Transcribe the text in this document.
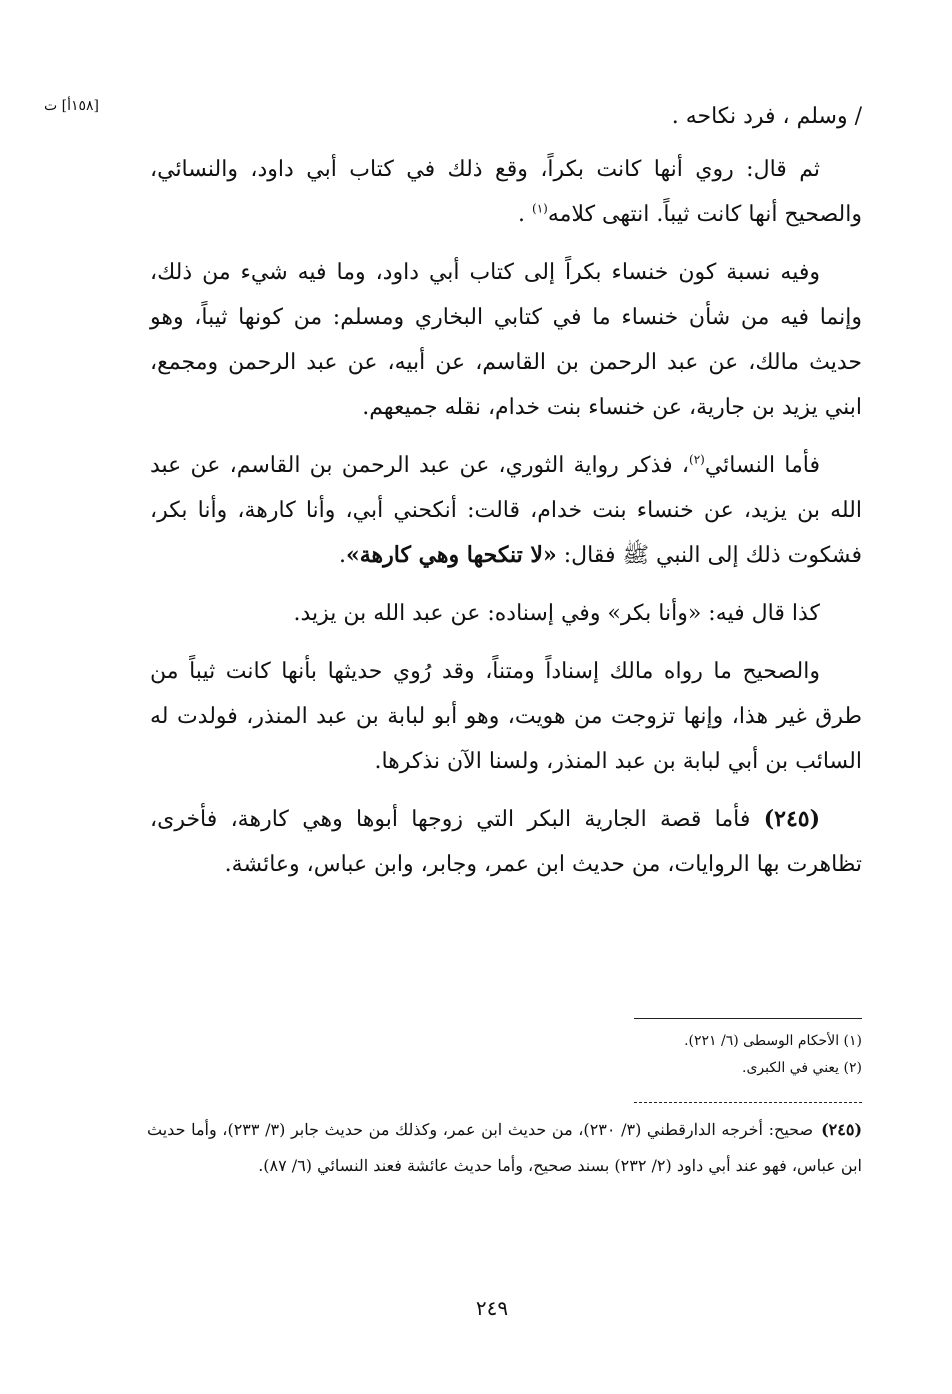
[١٥٨أ] ت	/ وسلم ، فرد نكاحه .

ثم قال: روي أنها كانت بكراً، وقع ذلك في كتاب أبي داود، والنسائي، والصحيح أنها كانت ثيباً. انتهى كلامه$^{(١)}$ .

وفيه نسبة كون خنساء بكراً إلى كتاب أبي داود، وما فيه شيء من ذلك، وإنما فيه من شأن خنساء ما في كتابي البخاري ومسلم: من كونها ثيباً، وهو حديث مالك، عن عبد الرحمن بن القاسم، عن أبيه، عن عبد الرحمن ومجمع، ابني يزيد بن جارية، عن خنساء بنت خدام، نقله جميعهم.

فأما النسائي$^{(٢)}$، فذكر رواية الثوري، عن عبد الرحمن بن القاسم، عن عبد الله بن يزيد، عن خنساء بنت خدام، قالت: أنكحني أبي، وأنا كارهة، وأنا بكر، فشكوت ذلك إلى النبي ﷺ فقال: «لا تنكحها وهي كارهة».

كذا قال فيه: «وأنا بكر» وفي إسناده: عن عبد الله بن يزيد.

والصحيح ما رواه مالك إسناداً ومتناً، وقد رُوي حديثها بأنها كانت ثيباً من طرق غير هذا، وإنها تزوجت من هويت، وهو أبو لبابة بن عبد المنذر، فولدت له السائب بن أبي لبابة بن عبد المنذر، ولسنا الآن نذكرها.

(٢٤٥) فأما قصة الجارية البكر التي زوجها أبوها وهي كارهة، فأخرى، تظاهرت بها الروايات، من حديث ابن عمر، وجابر، وابن عباس، وعائشة.

(١) الأحكام الوسطى (٦/ ٢٢١).

(٢) يعني في الكبرى.

(٢٤٥)صحيح: أخرجه الدارقطني (٣/ ٢٣٠)، من حديث ابن عمر، وكذلك من حديث جابر (٣/ ٢٣٣)، وأما حديث ابن عباس، فهو عند أبي داود (٢/ ٢٣٢) بسند صحيح، وأما حديث عائشة فعند النسائي (٦/ ٨٧).
٢٤٩
